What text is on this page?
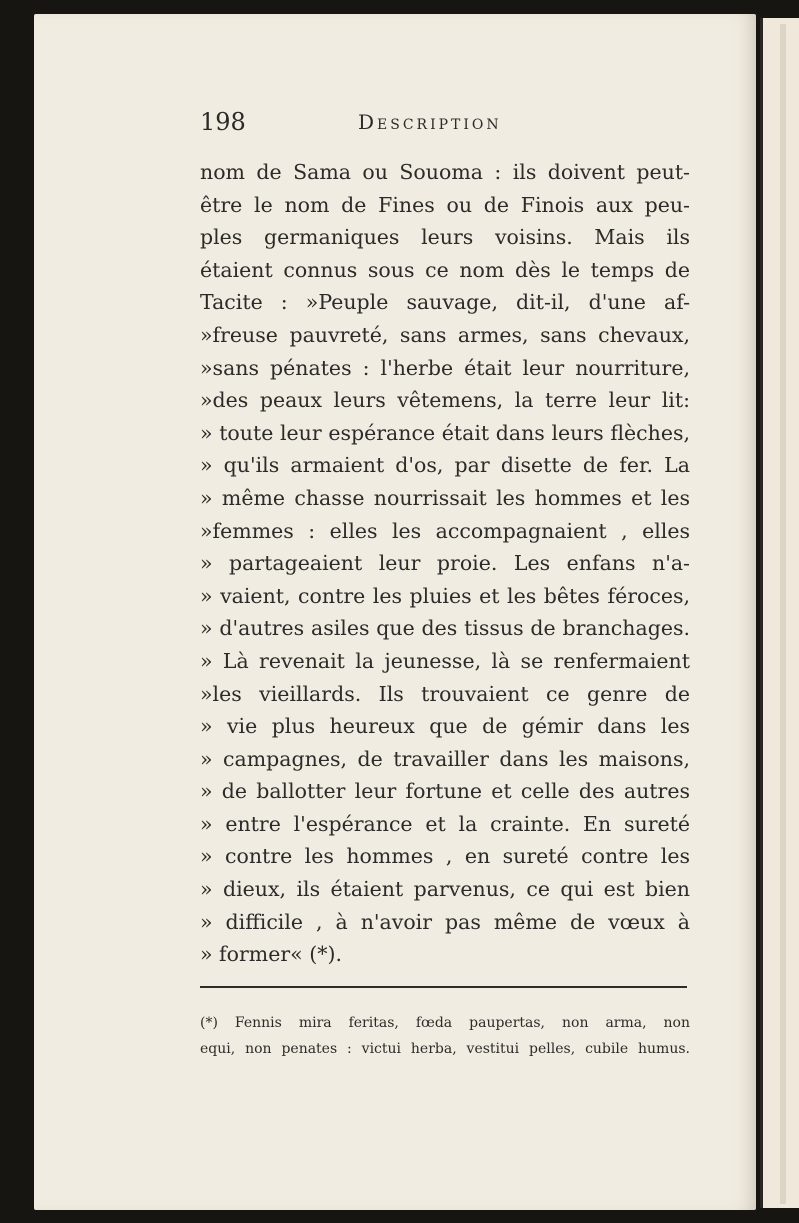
198	Description
nom de Sama ou Souoma : ils doivent peut-
être le nom de Fines ou de Finois aux peu-
ples germaniques leurs voisins. Mais ils
étaient connus sous ce nom dès le temps de
Tacite : »Peuple sauvage, dit-il, d'une af-
»freuse pauvreté, sans armes, sans chevaux,
»sans pénates : l'herbe était leur nourriture,
»des peaux leurs vêtemens, la terre leur lit:
» toute leur espérance était dans leurs flèches,
» qu'ils armaient d'os, par disette de fer. La
» même chasse nourrissait les hommes et les
»femmes : elles les accompagnaient , elles
» partageaient leur proie. Les enfans n'a-
» vaient, contre les pluies et les bêtes féroces,
» d'autres asiles que des tissus de branchages.
» Là revenait la jeunesse, là se renfermaient
»les vieillards. Ils trouvaient ce genre de
» vie plus heureux que de gémir dans les
» campagnes, de travailler dans les maisons,
» de ballotter leur fortune et celle des autres
» entre l'espérance et la crainte. En sureté
» contre les hommes , en sureté contre les
» dieux, ils étaient parvenus, ce qui est bien
» difficile , à n'avoir pas même de vœux à
» former« (*).
(*) Fennis mira feritas, fœda paupertas, non arma, non
equi, non penates : victui herba, vestitui pelles, cubile humus.
